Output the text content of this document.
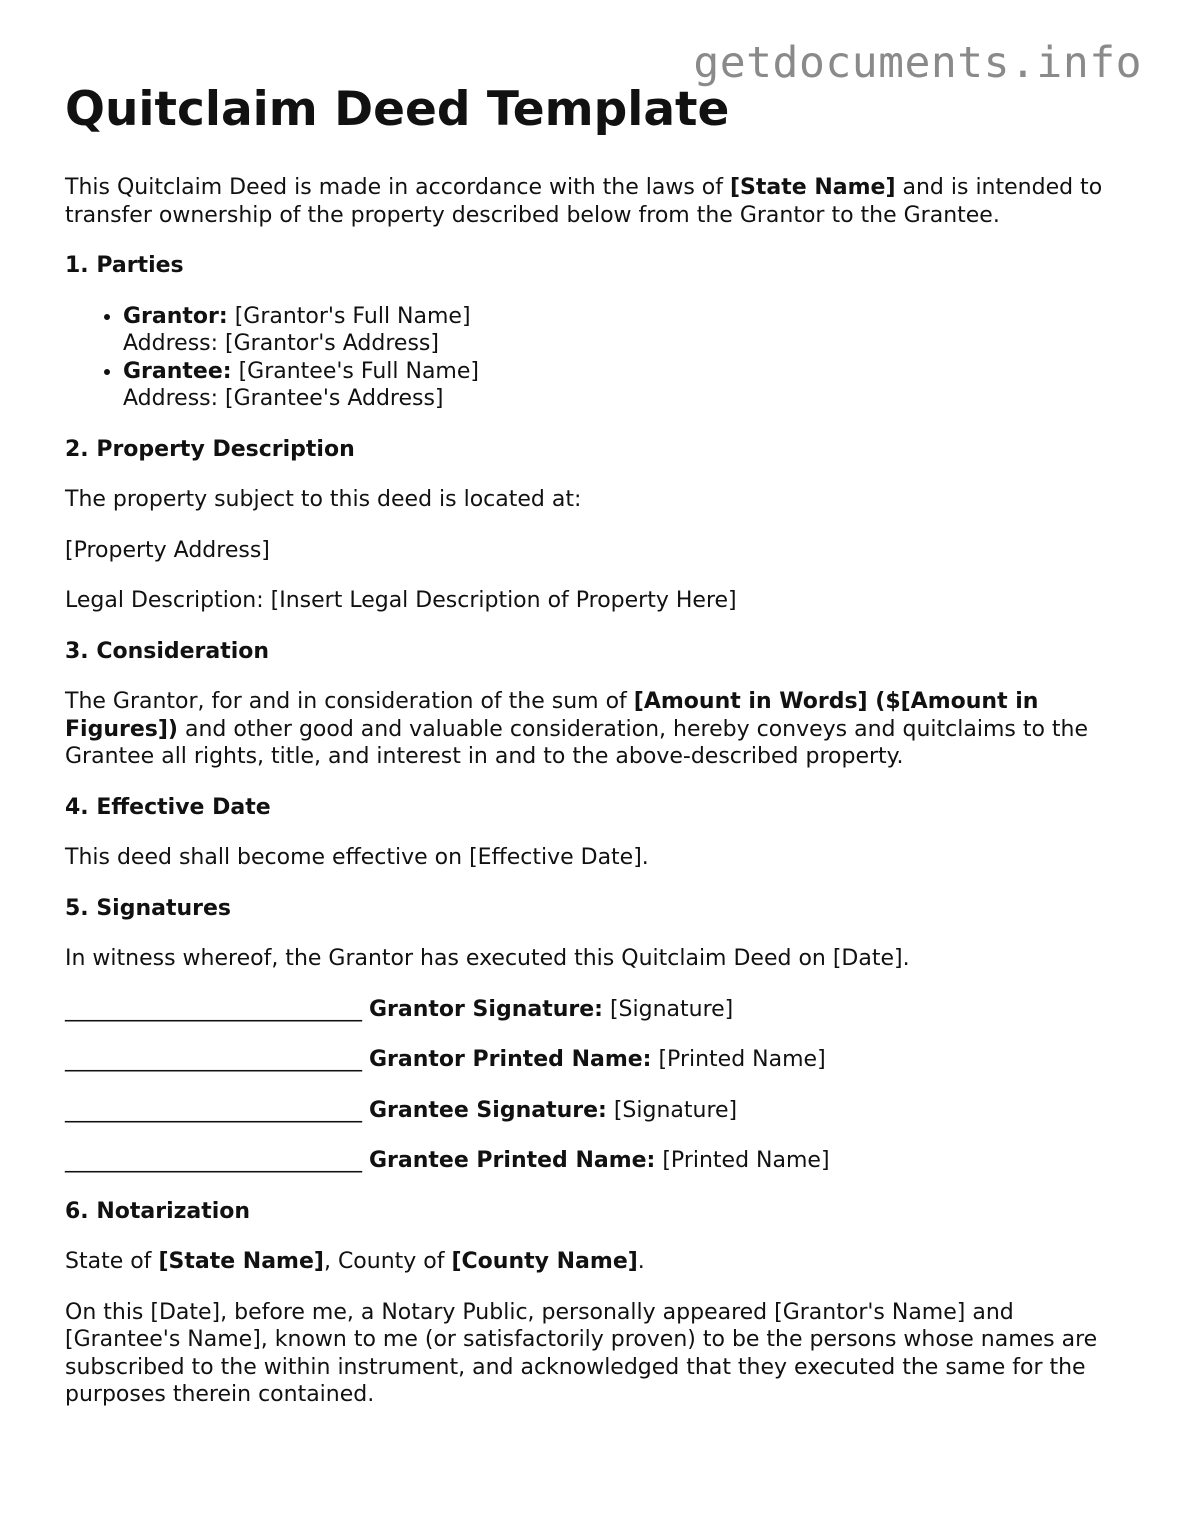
getdocuments.info
Quitclaim Deed Template

This Quitclaim Deed is made in accordance with the laws of [State Name] and is intended to transfer ownership of the property described below from the Grantor to the Grantee.

1. Parties
• Grantor: [Grantor's Full Name]
Address: [Grantor's Address]
• Grantee: [Grantee's Full Name]
Address: [Grantee's Address]
2. Property Description

The property subject to this deed is located at:

[Property Address]

Legal Description: [Insert Legal Description of Property Here]

3. Consideration

The Grantor, for and in consideration of the sum of [Amount in Words] ($[Amount in Figures]) and other good and valuable consideration, hereby conveys and quitclaims to the Grantee all rights, title, and interest in and to the above-described property.

4. Effective Date

This deed shall become effective on [Effective Date].

5. Signatures

In witness whereof, the Grantor has executed this Quitclaim Deed on [Date].

___________________________ Grantor Signature: [Signature]
___________________________ Grantor Printed Name: [Printed Name]
___________________________ Grantee Signature: [Signature]
___________________________ Grantee Printed Name: [Printed Name]
6. Notarization

State of [State Name], County of [County Name].

On this [Date], before me, a Notary Public, personally appeared [Grantor's Name] and [Grantee's Name], known to me (or satisfactorily proven) to be the persons whose names are subscribed to the within instrument, and acknowledged that they executed the same for the purposes therein contained.
